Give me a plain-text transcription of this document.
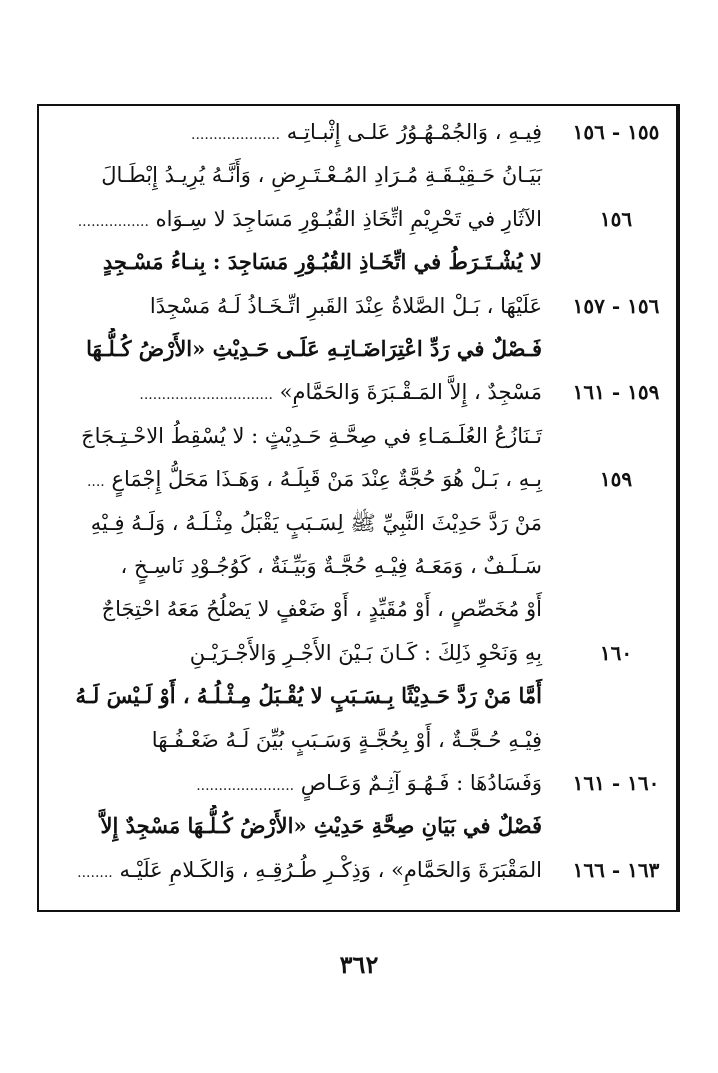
فِيـهِ ، وَالجُمْـهُـوُرُ عَلـى إِثْبـاتِـه ....................
بَيَـانُ حَـقِيْـقَـةِ مُـرَادِ المُـعْـتَـرِضِ ، وَأَنَّـهُ يُرِيـدُ إِبْطَـالَ
الآثَارِ في تَحْرِيْمِ اتِّخَاذِ القُبُـوْرِ مَسَاجِدَ لا سِـوَاه ................
لا يُشْـتَـرَطُ في اتِّخَـاذِ القُبُـوْرِ مَسَاجِدَ : بِنـاءُ مَسْـجِدٍ
عَلَيْهَا ، بَـلْ الصَّلاةُ عِنْدَ القَبرِ اتِّـخَـاذُ لَـهُ مَسْجِدًا
فَـصْلٌ في رَدِّ اعْتِرَاضَـاتِـهِ عَلَـى حَـدِيْثِ «الأَرْضُ كُـلُّـهَا
مَسْجِدٌ ، إِلاَّ المَـقْـبَرَةَ وَالحَمَّامِ» ..............................
تَـنَازُعُ العُلَـمَـاءِ في صِحَّـةِ حَـدِيْثٍ : لا يُسْقِطُ الاحْـتِـجَاجَ
بِـهِ ، بَـلْ هُوَ حُجَّةٌ عِنْدَ مَنْ قَبِلَـهُ ، وَهَـذَا مَحَلُّ إِجْمَاعٍ ....
مَنْ رَدَّ حَدِيْثَ النَّبِيِّ ﷺ لِسَـبَبٍ يَقْبَلُ مِثْـلَـهُ ، وَلَـهُ فِـيْهِ
سَـلَـفٌ ، وَمَعَـهُ فِيْـهِ حُجَّـةٌ وَبَيِّـنَةٌ ، كَوُجُـوْدِ نَاسِـخٍ ،
أَوْ مُخَصِّصٍ ، أَوْ مُقَيِّدٍ ، أَوْ ضَعْفٍ لا يَصْلُحُ مَعَهُ احْتِجَاجٌ
بِهِ وَنَحْوِ ذَلِكَ : كَـانَ بَـيْنَ الأَجْـرِ وَالأَجْـرَيْـنِ
أَمَّا مَنْ رَدَّ حَـدِيْثًا بِـسَـبَبٍ لا يُقْـبَلُ مِـثْـلُـهُ ، أَوْ لَـيْسَ لَـهُ
فِيْـهِ حُـجَّـةٌ ، أَوْ بِحُجَّـةٍ وَسَـبَبٍ بُيِّنَ لَـهُ ضَعْـفُـهَا
وَفَسَادُهَا : فَـهُـوَ آثِـمٌ وَعَـاصٍ ......................
فَصْلٌ في بَيَانِ صِحَّةِ حَدِيْثِ «الأَرْضُ كُـلُّـهَا مَسْجِدٌ إِلاَّ
المَقْبَرَةَ وَالحَمَّامِ» ، وَذِكْـرِ طُـرُقِـهِ ، وَالكَـلامِ عَلَيْـه ........
١٥٥ - ١٥٦
١٥٦
١٥٦ - ١٥٧
١٥٩ - ١٦١
١٥٩
١٦٠
١٦٠ - ١٦١
١٦٣ - ١٦٦
٣٦٢
